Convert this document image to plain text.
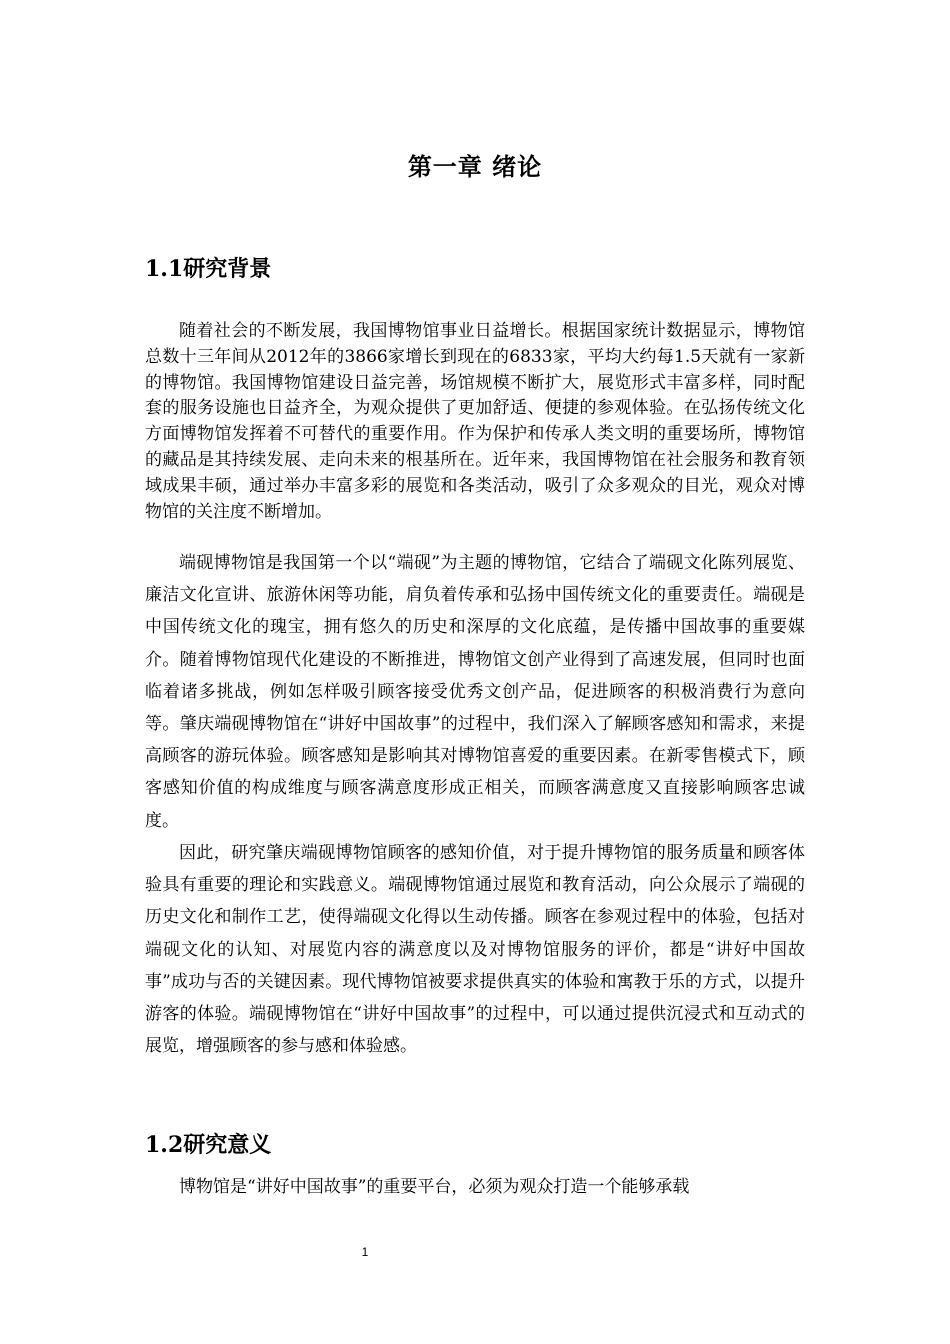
第一章 绪论
1.1研究背景

随着社会的不断发展，我国博物馆事业日益增长。根据国家统计数据显示，博物馆总数十三年间从2012年的3866家增长到现在的6833家，平均大约每1.5天就有一家新的博物馆。我国博物馆建设日益完善，场馆规模不断扩大，展览形式丰富多样，同时配套的服务设施也日益齐全，为观众提供了更加舒适、便捷的参观体验。在弘扬传统文化方面博物馆发挥着不可替代的重要作用。作为保护和传承人类文明的重要场所，博物馆的藏品是其持续发展、走向未来的根基所在。近年来，我国博物馆在社会服务和教育领域成果丰硕，通过举办丰富多彩的展览和各类活动，吸引了众多观众的目光，观众对博物馆的关注度不断增加。

端砚博物馆是我国第一个以“端砚”为主题的博物馆，它结合了端砚文化陈列展览、廉洁文化宣讲、旅游休闲等功能，肩负着传承和弘扬中国传统文化的重要责任。端砚是中国传统文化的瑰宝，拥有悠久的历史和深厚的文化底蕴，是传播中国故事的重要媒介。随着博物馆现代化建设的不断推进，博物馆文创产业得到了高速发展，但同时也面临着诸多挑战，例如怎样吸引顾客接受优秀文创产品，促进顾客的积极消费行为意向等。肇庆端砚博物馆在“讲好中国故事”的过程中，我们深入了解顾客感知和需求，来提高顾客的游玩体验。顾客感知是影响其对博物馆喜爱的重要因素。在新零售模式下，顾客感知价值的构成维度与顾客满意度形成正相关，而顾客满意度又直接影响顾客忠诚度。

因此，研究肇庆端砚博物馆顾客的感知价值，对于提升博物馆的服务质量和顾客体验具有重要的理论和实践意义。端砚博物馆通过展览和教育活动，向公众展示了端砚的历史文化和制作工艺，使得端砚文化得以生动传播。顾客在参观过程中的体验，包括对端砚文化的认知、对展览内容的满意度以及对博物馆服务的评价，都是“讲好中国故事”成功与否的关键因素。现代博物馆被要求提供真实的体验和寓教于乐的方式，以提升游客的体验。端砚博物馆在“讲好中国故事”的过程中，可以通过提供沉浸式和互动式的展览，增强顾客的参与感和体验感。

1.2研究意义

博物馆是“讲好中国故事”的重要平台，必须为观众打造一个能够承载

1
